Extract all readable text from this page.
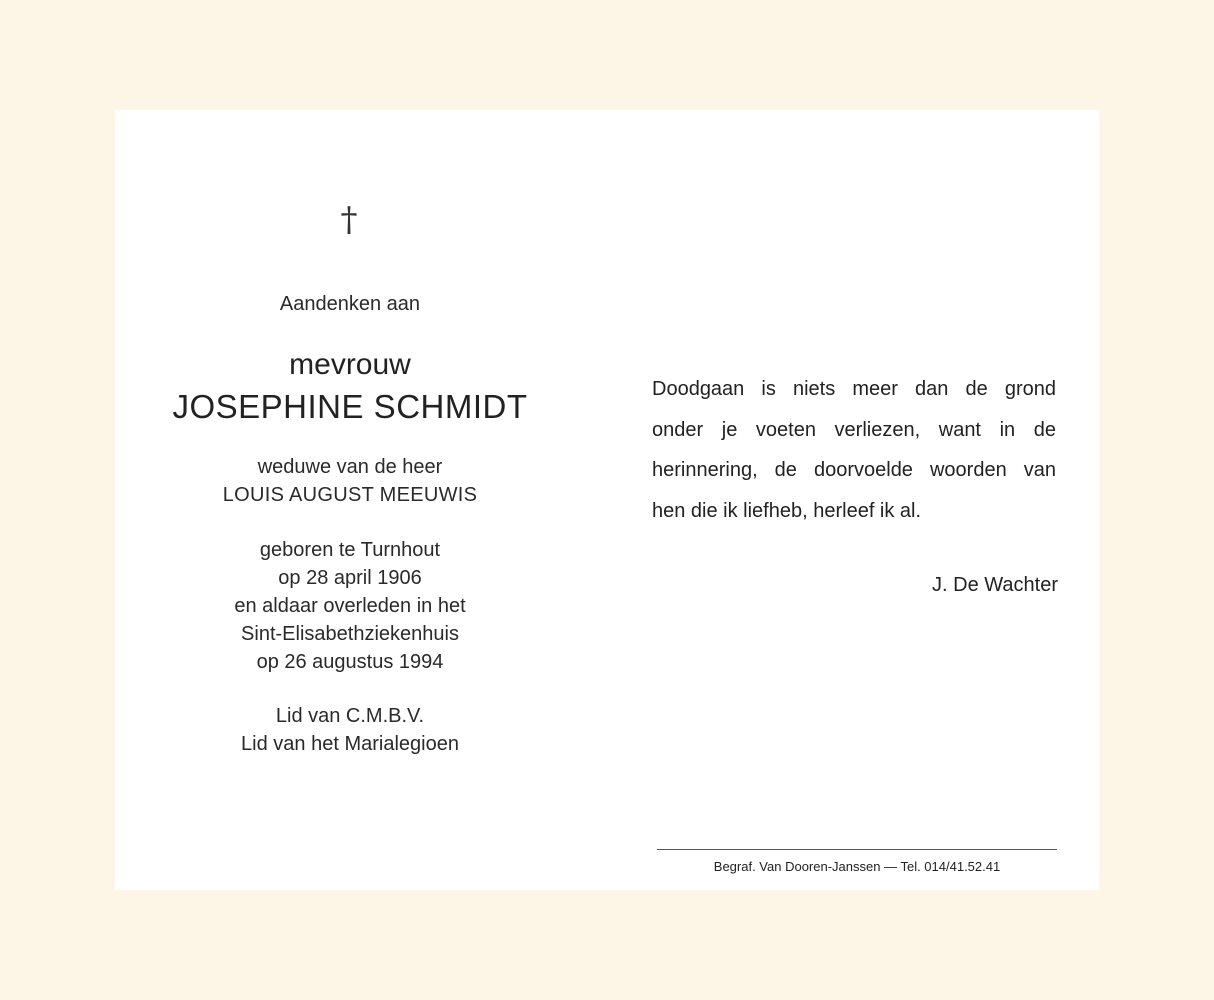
†
Aandenken aan
mevrouw
JOSEPHINE SCHMIDT
weduwe van de heer
LOUIS AUGUST MEEUWIS
geboren te Turnhout
op 28 april 1906
en aldaar overleden in het
Sint-Elisabethziekenhuis
op 26 augustus 1994
Lid van C.M.B.V.
Lid van het Marialegioen
Doodgaan is niets meer dan de grond
onder je voeten verliezen, want in de
herinnering, de doorvoelde woorden van
hen die ik liefheb, herleef ik al.
J. De Wachter
Begraf. Van Dooren-Janssen — Tel. 014/41.52.41
